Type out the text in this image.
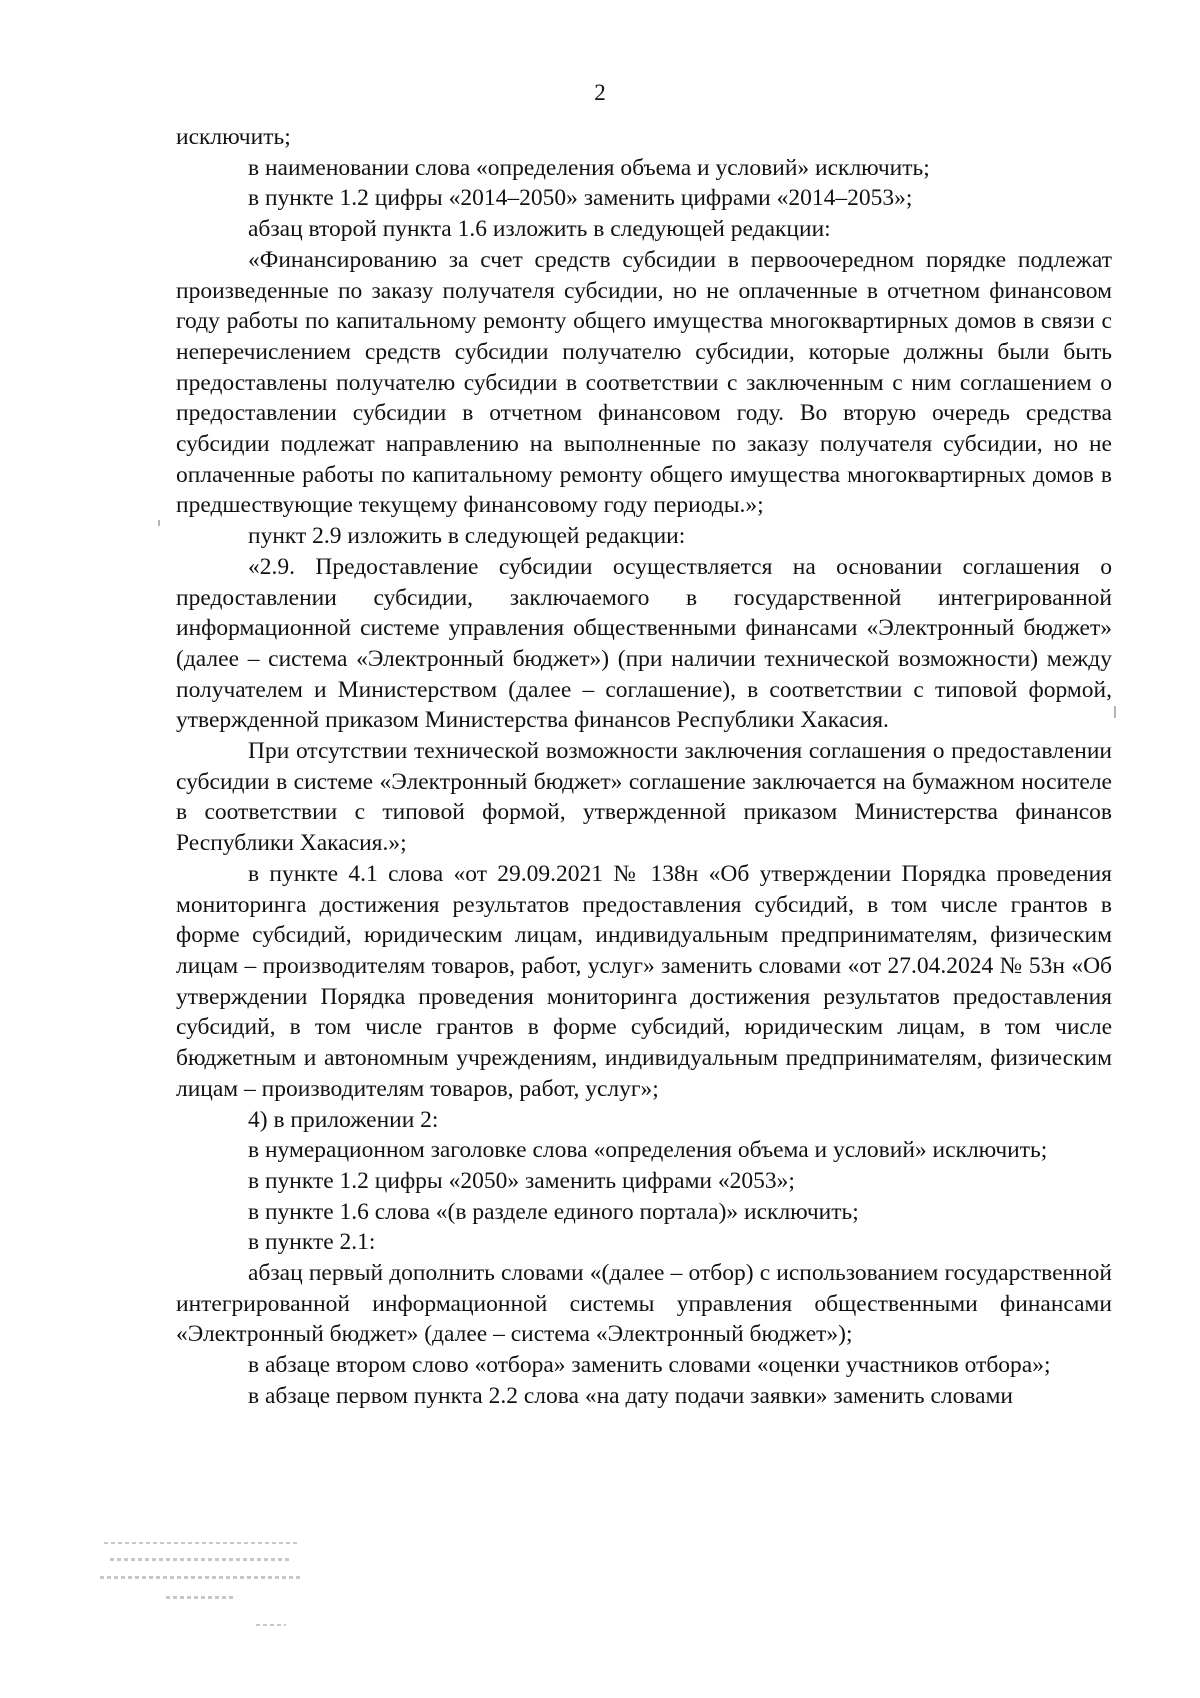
2

исключить;

в наименовании слова «определения объема и условий» исключить;

в пункте 1.2 цифры «2014–2050» заменить цифрами «2014–2053»;

абзац второй пункта 1.6 изложить в следующей редакции:

«Финансированию за счет средств субсидии в первоочередном порядке подлежат произведенные по заказу получателя субсидии, но не оплаченные в отчетном финансовом году работы по капитальному ремонту общего имущества многоквартирных домов в связи с неперечислением средств субсидии получателю субсидии, которые должны были быть предоставлены получателю субсидии в соответствии с заключенным с ним соглашением о предоставлении субсидии в отчетном финансовом году. Во вторую очередь средства субсидии подлежат направлению на выполненные по заказу получателя субсидии, но не оплаченные работы по капитальному ремонту общего имущества многоквартирных домов в предшествующие текущему финансовому году периоды.»;

пункт 2.9 изложить в следующей редакции:

«2.9. Предоставление субсидии осуществляется на основании соглашения о предоставлении субсидии, заключаемого в государственной интегрированной информационной системе управления общественными финансами «Электронный бюджет» (далее – система «Электронный бюджет») (при наличии технической возможности) между получателем и Министерством (далее – соглашение), в соответствии с типовой формой, утвержденной приказом Министерства финансов Республики Хакасия.

При отсутствии технической возможности заключения соглашения о предоставлении субсидии в системе «Электронный бюджет» соглашение заключается на бумажном носителе в соответствии с типовой формой, утвержденной приказом Министерства финансов Республики Хакасия.»;

в пункте 4.1 слова «от 29.09.2021 № 138н «Об утверждении Порядка проведения мониторинга достижения результатов предоставления субсидий, в том числе грантов в форме субсидий, юридическим лицам, индивидуальным предпринимателям, физическим лицам – производителям товаров, работ, услуг» заменить словами «от 27.04.2024 № 53н «Об утверждении Порядка проведения мониторинга достижения результатов предоставления субсидий, в том числе грантов в форме субсидий, юридическим лицам, в том числе бюджетным и автономным учреждениям, индивидуальным предпринимателям, физическим лицам – производителям товаров, работ, услуг»;

4) в приложении 2:

в нумерационном заголовке слова «определения объема и условий» исключить;

в пункте 1.2 цифры «2050» заменить цифрами «2053»;

в пункте 1.6 слова «(в разделе единого портала)» исключить;

в пункте 2.1:

абзац первый дополнить словами «(далее – отбор) с использованием государственной интегрированной информационной системы управления общественными финансами «Электронный бюджет» (далее – система «Электронный бюджет»);

в абзаце втором слово «отбора» заменить словами «оценки участников отбора»;

в абзаце первом пункта 2.2 слова «на дату подачи заявки» заменить словами
